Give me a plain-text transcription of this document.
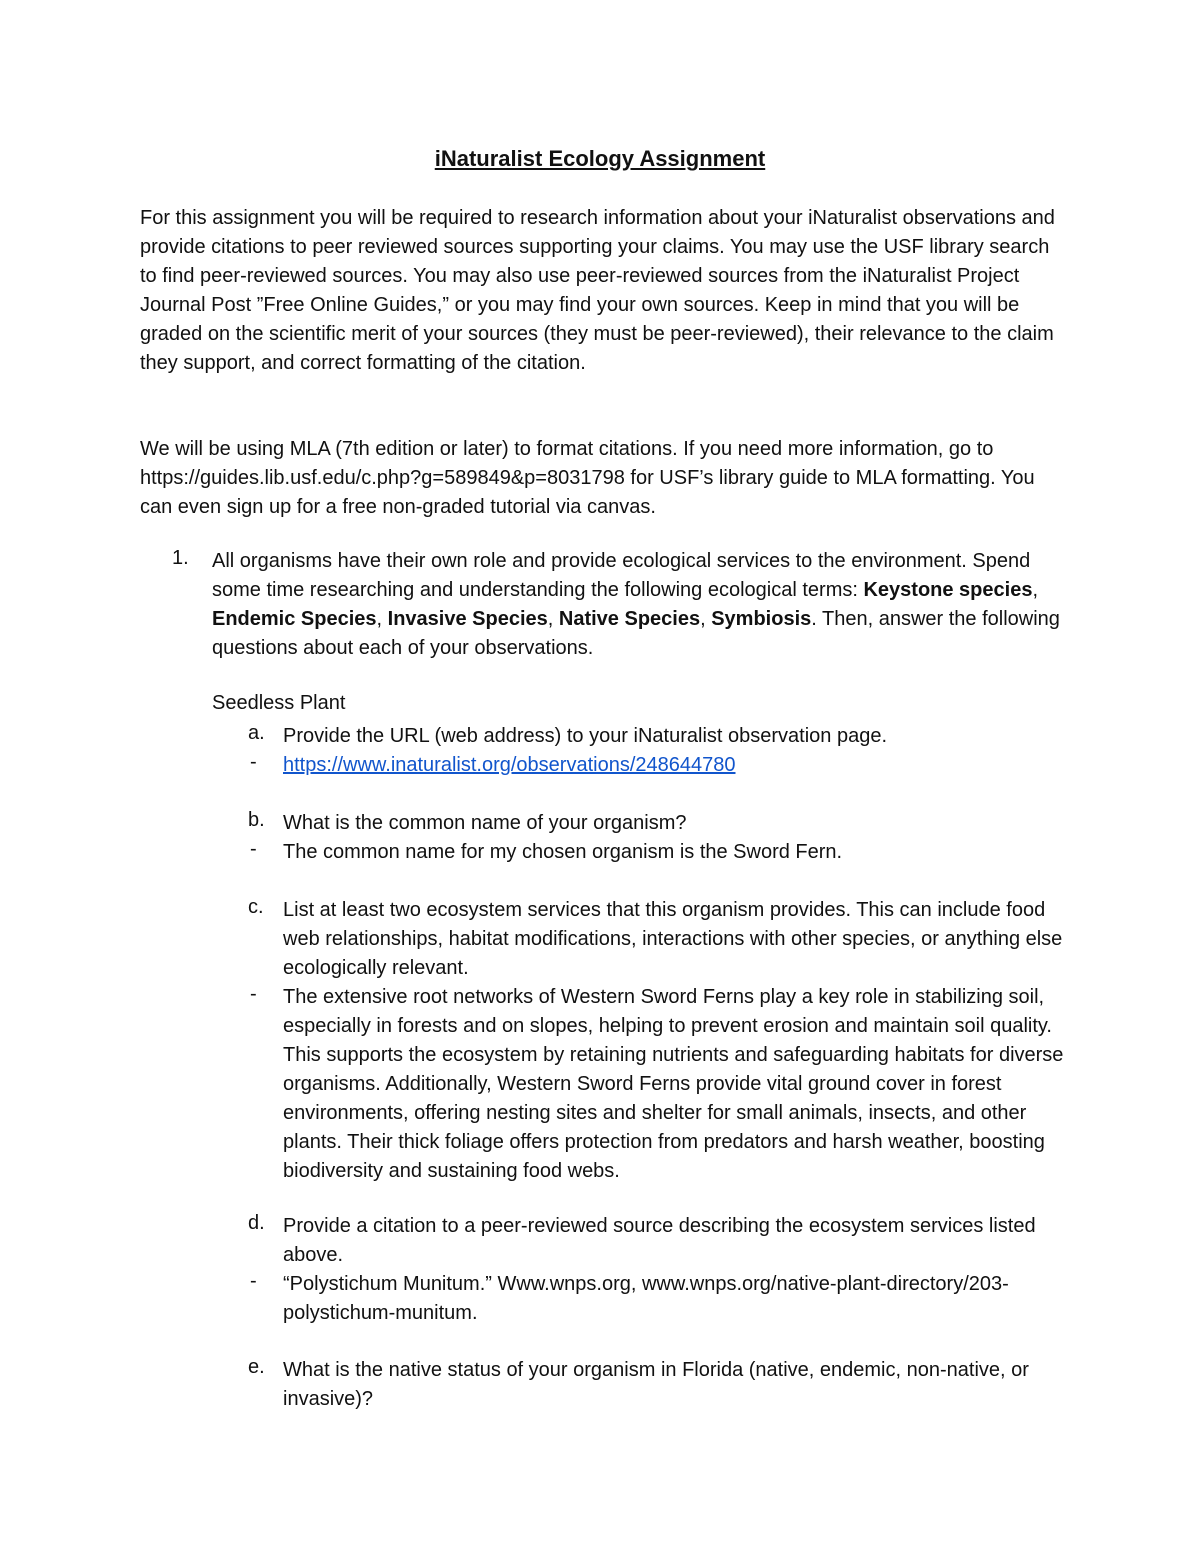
iNaturalist Ecology Assignment

For this assignment you will be required to research information about your iNaturalist observations and provide citations to peer reviewed sources supporting your claims. You may use the USF library search to find peer-reviewed sources. You may also use peer-reviewed sources from the iNaturalist Project Journal Post ”Free Online Guides,” or you may find your own sources. Keep in mind that you will be graded on the scientific merit of your sources (they must be peer-reviewed), their relevance to the claim they support, and correct formatting of the citation.

We will be using MLA (7th edition or later) to format citations. If you need more information, go to https://guides.lib.usf.edu/c.php?g=589849&p=8031798 for USF’s library guide to MLA formatting. You can even sign up for a free non-graded tutorial via canvas.

1. All organisms have their own role and provide ecological services to the environment. Spend some time researching and understanding the following ecological terms: Keystone species, Endemic Species, Invasive Species, Native Species, Symbiosis. Then, answer the following questions about each of your observations.

Seedless Plant

a. Provide the URL (web address) to your iNaturalist observation page.

- https://www.inaturalist.org/observations/248644780

b. What is the common name of your organism?

- The common name for my chosen organism is the Sword Fern.

c. List at least two ecosystem services that this organism provides. This can include food web relationships, habitat modifications, interactions with other species, or anything else ecologically relevant.

- The extensive root networks of Western Sword Ferns play a key role in stabilizing soil, especially in forests and on slopes, helping to prevent erosion and maintain soil quality. This supports the ecosystem by retaining nutrients and safeguarding habitats for diverse organisms. Additionally, Western Sword Ferns provide vital ground cover in forest environments, offering nesting sites and shelter for small animals, insects, and other plants. Their thick foliage offers protection from predators and harsh weather, boosting biodiversity and sustaining food webs.

d. Provide a citation to a peer-reviewed source describing the ecosystem services listed above.

- “Polystichum Munitum.” Www.wnps.org, www.wnps.org/native-plant-directory/203-polystichum-munitum.

e. What is the native status of your organism in Florida (native, endemic, non-native, or invasive)?
